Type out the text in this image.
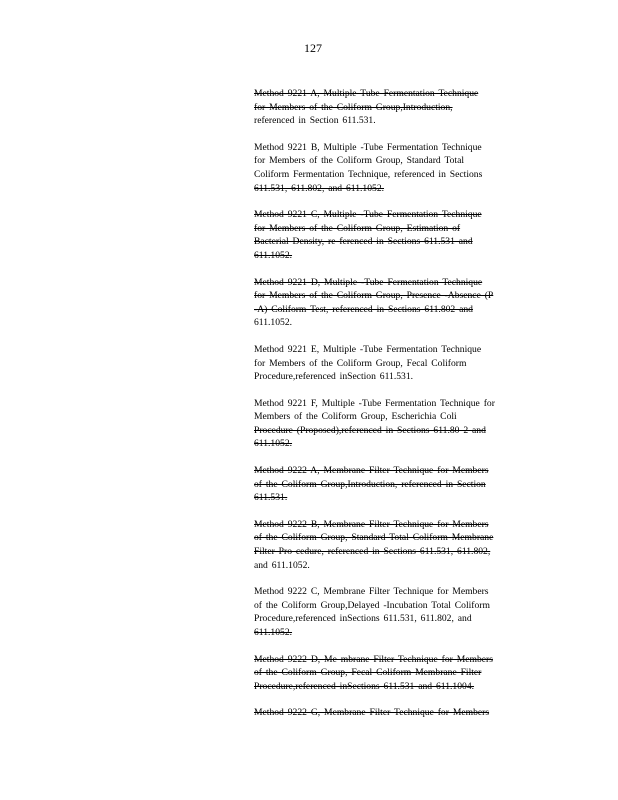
127
Method 9221 A, Multiple Tube Fermentation Technique
for Members of the Coliform Group,Introduction,
referenced in Section 611.531.
Method 9221 B, Multiple -Tube Fermentation Technique
for Members of the Coliform Group, Standard Total
Coliform Fermentation Technique, referenced in Sections
611.531, 611.802, and 611.1052.
Method 9221 C, Multiple -Tube Fermentation Technique
for Members of the Coliform Group, Estimation of
Bacterial Density, re ferenced in Sections 611.531 and
611.1052.
Method 9221 D, Multiple -Tube Fermentation Technique
for Members of the Coliform Group, Presence -Absence (P
-A) Coliform Test, referenced in Sections 611.802 and
611.1052.
Method 9221 E, Multiple -Tube Fermentation Technique
for Members of the Coliform Group, Fecal Coliform
Procedure,referenced inSection 611.531.
Method 9221 F, Multiple -Tube Fermentation Technique for
Members of the Coliform Group, Escherichia Coli
Procedure (Proposed),referenced in Sections 611.80 2 and
611.1052.
Method 9222 A, Membrane Filter Technique for Members
of the Coliform Group,Introduction, referenced in Section
611.531.
Method 9222 B, Membrane Filter Technique for Members
of the Coliform Group, Standard Total Coliform Membrane
Filter Pro cedure, referenced in Sections 611.531, 611.802,
and 611.1052.
Method 9222 C, Membrane Filter Technique for Members
of the Coliform Group,Delayed -Incubation Total Coliform
Procedure,referenced inSections 611.531, 611.802, and
611.1052.
Method 9222 D, Me mbrane Filter Technique for Members
of the Coliform Group, Fecal Coliform Membrane Filter
Procedure,referenced inSections 611.531 and 611.1004.
Method 9222 G, Membrane Filter Technique for Members
